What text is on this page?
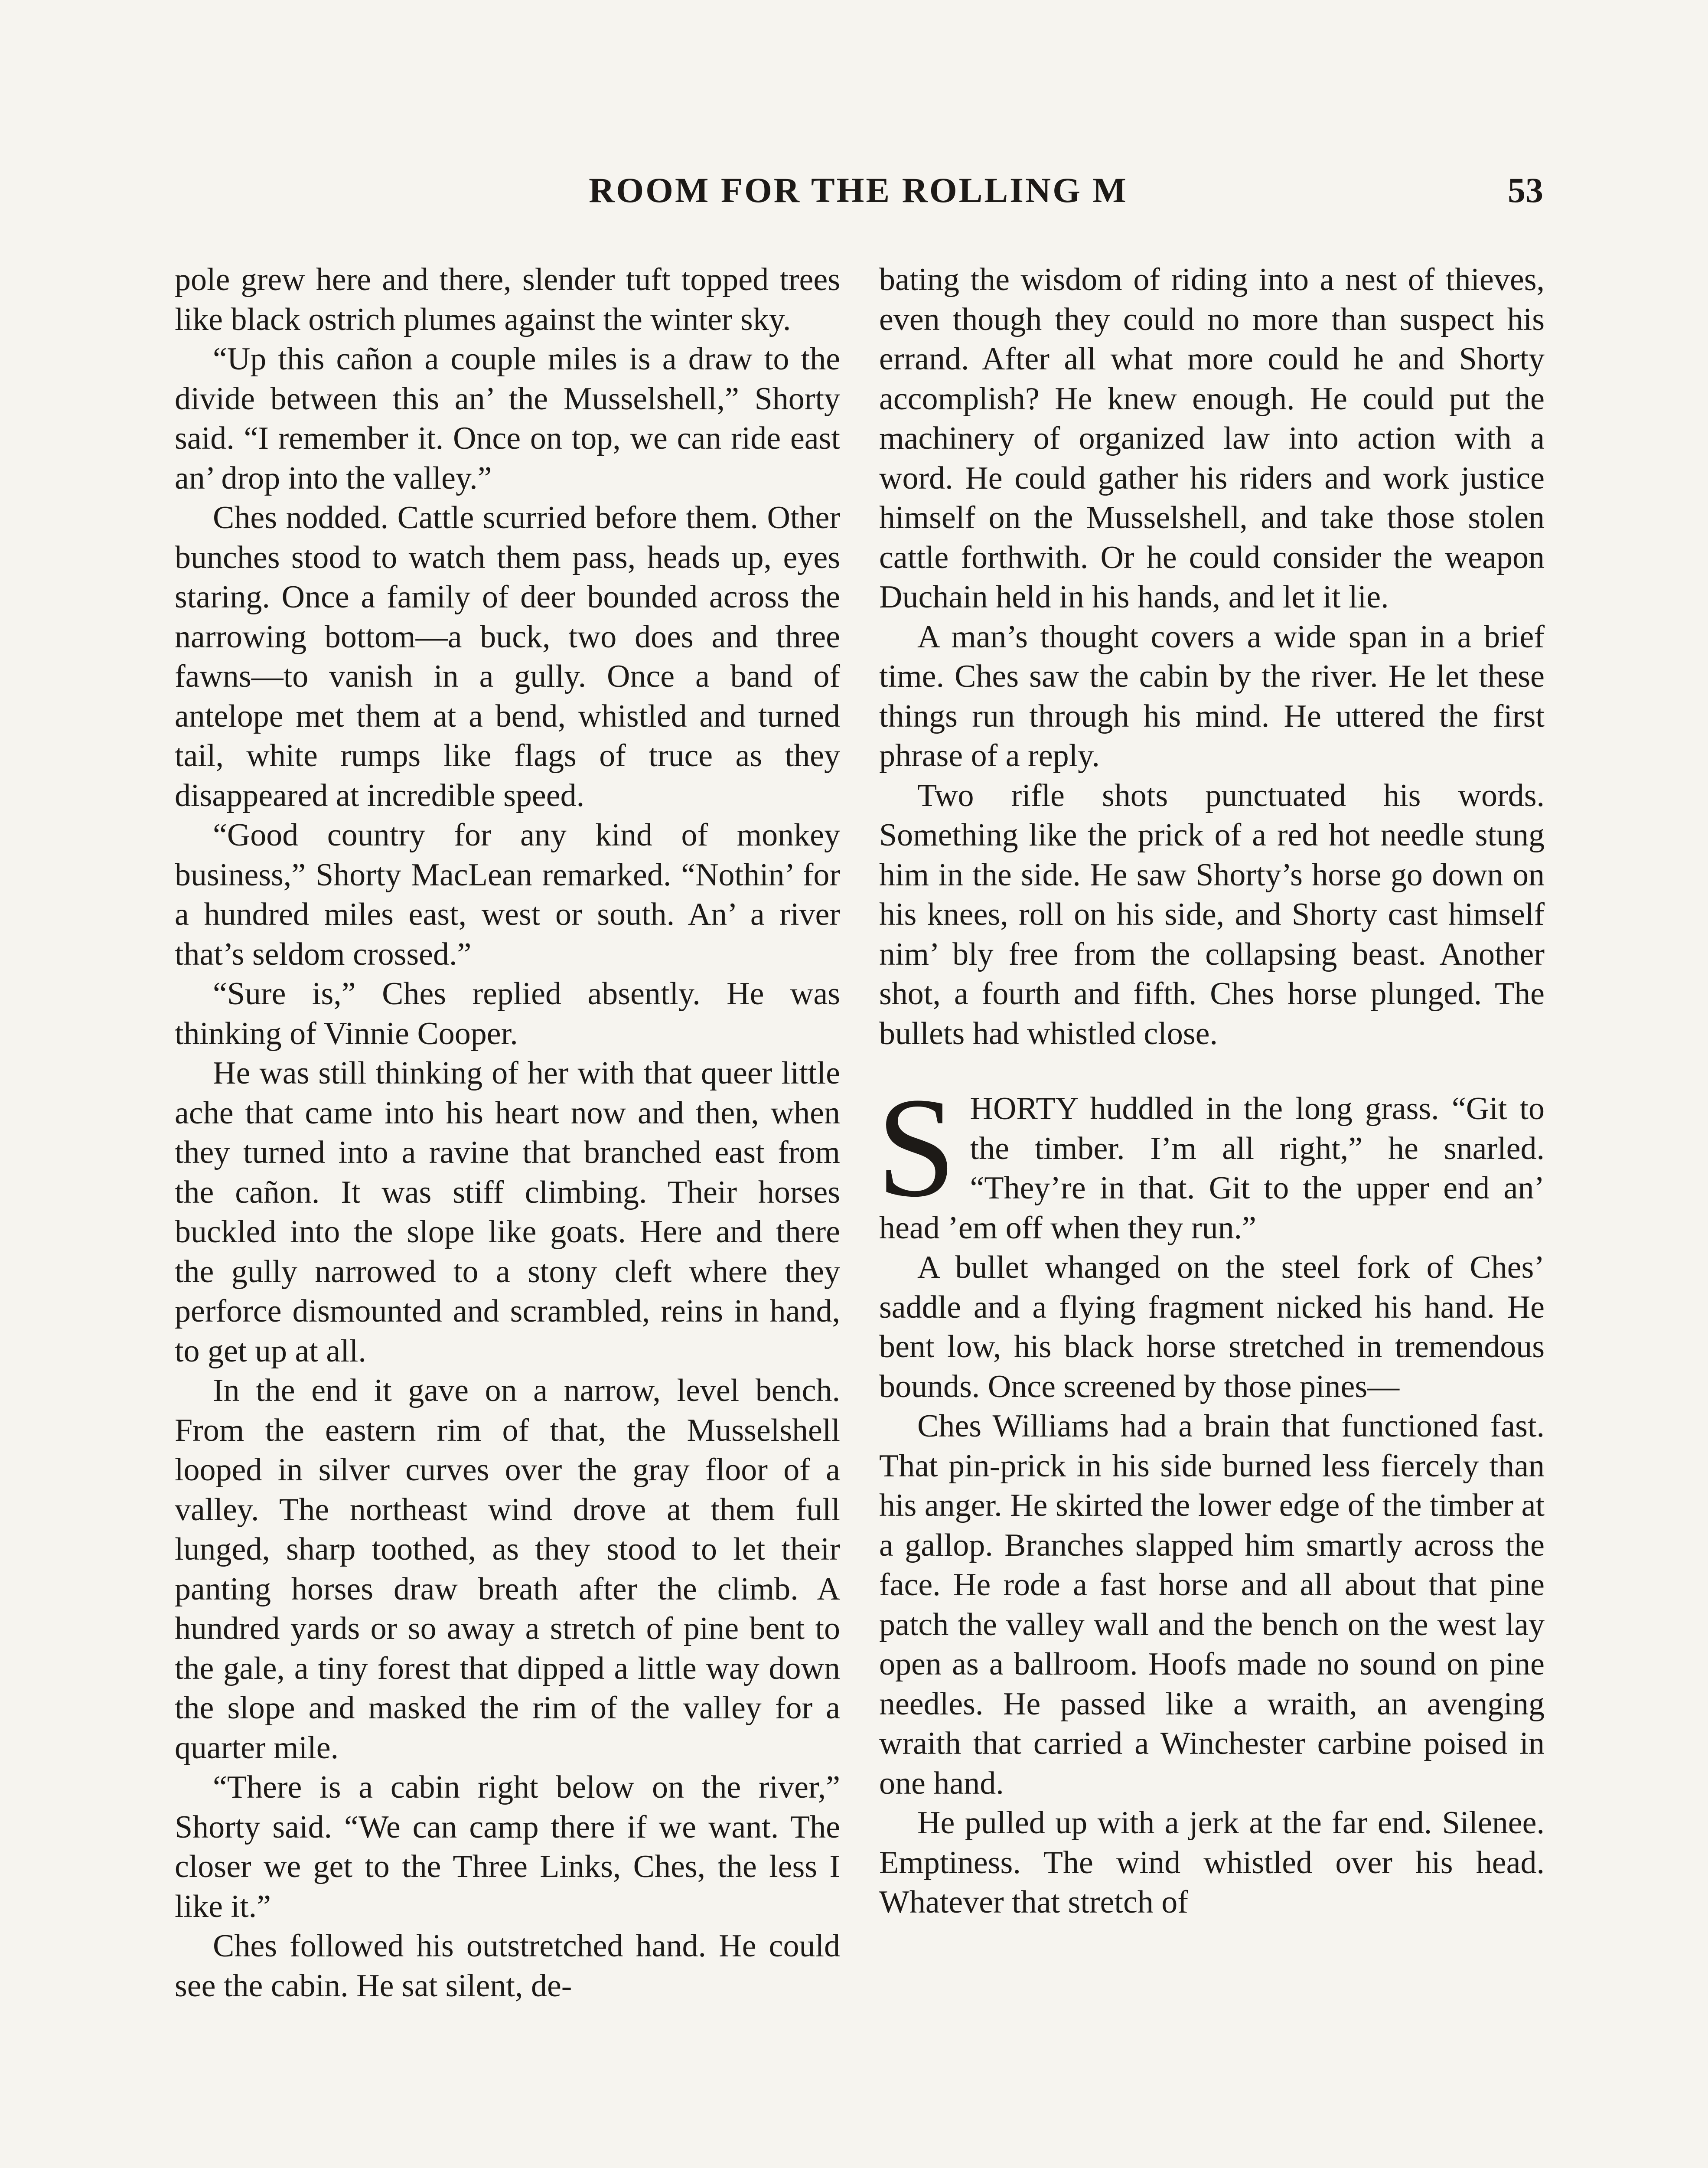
ROOM FOR THE ROLLING M	53

pole grew here and there, slender tuft topped trees like black ostrich plumes against the winter sky.

“Up this cañon a couple miles is a draw to the divide between this an’ the Musselshell,” Shorty said. “I remember it. Once on top, we can ride east an’ drop into the valley.”

Ches nodded. Cattle scurried before them. Other bunches stood to watch them pass, heads up, eyes staring. Once a family of deer bounded across the narrowing bottom—a buck, two does and three fawns—to vanish in a gully. Once a band of antelope met them at a bend, whistled and turned tail, white rumps like flags of truce as they disappeared at incredible speed.

“Good country for any kind of monkey business,” Shorty MacLean remarked. “Nothin’ for a hundred miles east, west or south. An’ a river that’s seldom crossed.”

“Sure is,” Ches replied absently. He was thinking of Vinnie Cooper.

He was still thinking of her with that queer little ache that came into his heart now and then, when they turned into a ravine that branched east from the cañon. It was stiff climbing. Their horses buckled into the slope like goats. Here and there the gully narrowed to a stony cleft where they perforce dismounted and scrambled, reins in hand, to get up at all.

In the end it gave on a narrow, level bench. From the eastern rim of that, the Musselshell looped in silver curves over the gray floor of a valley. The northeast wind drove at them full lunged, sharp toothed, as they stood to let their panting horses draw breath after the climb. A hundred yards or so away a stretch of pine bent to the gale, a tiny forest that dipped a little way down the slope and masked the rim of the valley for a quarter mile.

“There is a cabin right below on the river,” Shorty said. “We can camp there if we want. The closer we get to the Three Links, Ches, the less I like it.”

Ches followed his outstretched hand. He could see the cabin. He sat silent, de-

bating the wisdom of riding into a nest of thieves, even though they could no more than suspect his errand. After all what more could he and Shorty accomplish? He knew enough. He could put the machinery of organized law into action with a word. He could gather his riders and work justice himself on the Musselshell, and take those stolen cattle forthwith. Or he could consider the weapon Duchain held in his hands, and let it lie.

A man’s thought covers a wide span in a brief time. Ches saw the cabin by the river. He let these things run through his mind. He uttered the first phrase of a reply.

Two rifle shots punctuated his words. Something like the prick of a red hot needle stung him in the side. He saw Shorty’s horse go down on his knees, roll on his side, and Shorty cast himself nim’ bly free from the collapsing beast. Another shot, a fourth and fifth. Ches horse plunged. The bullets had whistled close.

S HORTY huddled in the long grass. “Git to the timber. I’m all right,” he snarled. “They’re in that. Git to the upper end an’ head ’em off when they run.”

A bullet whanged on the steel fork of Ches’ saddle and a flying fragment nicked his hand. He bent low, his black horse stretched in tremendous bounds. Once screened by those pines—

Ches Williams had a brain that functioned fast. That pin-prick in his side burned less fiercely than his anger. He skirted the lower edge of the timber at a gallop. Branches slapped him smartly across the face. He rode a fast horse and all about that pine patch the valley wall and the bench on the west lay open as a ballroom. Hoofs made no sound on pine needles. He passed like a wraith, an avenging wraith that carried a Winchester carbine poised in one hand.

He pulled up with a jerk at the far end. Silenee. Emptiness. The wind whistled over his head. Whatever that stretch of
